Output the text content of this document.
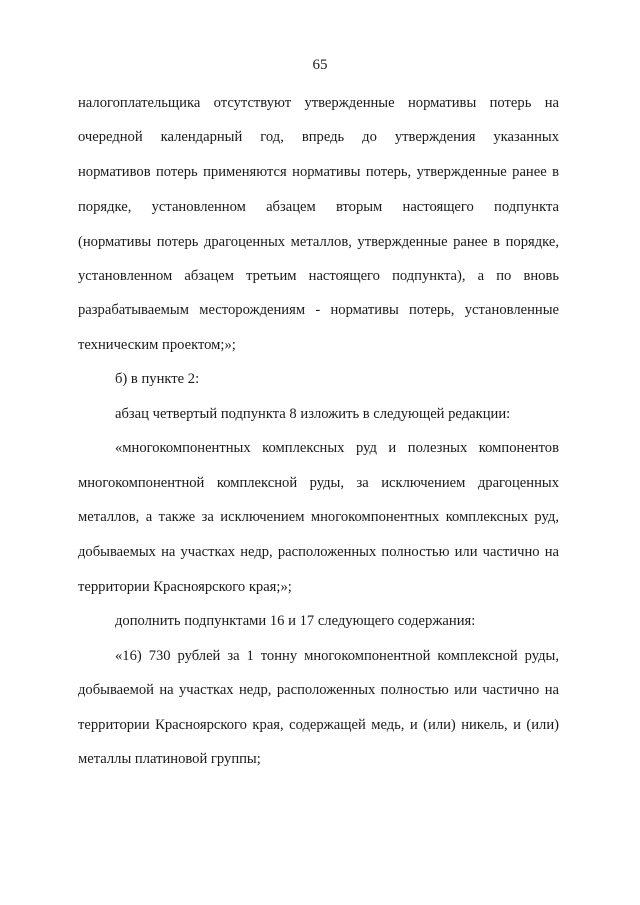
65
налогоплательщика отсутствуют утвержденные нормативы потерь на
очередной календарный год, впредь до утверждения указанных
нормативов потерь применяются нормативы потерь, утвержденные ранее в
порядке, установленном абзацем вторым настоящего подпункта
(нормативы потерь драгоценных металлов, утвержденные ранее в порядке,
установленном абзацем третьим настоящего подпункта), а по вновь
разрабатываемым месторождениям - нормативы потерь, установленные
техническим проектом;»;
б) в пункте 2:
абзац четвертый подпункта 8 изложить в следующей редакции:
«многокомпонентных комплексных руд и полезных компонентов
многокомпонентной комплексной руды, за исключением драгоценных
металлов, а также за исключением многокомпонентных комплексных руд,
добываемых на участках недр, расположенных полностью или частично на
территории Красноярского края;»;
дополнить подпунктами 16 и 17 следующего содержания:
«16) 730 рублей за 1 тонну многокомпонентной комплексной руды,
добываемой на участках недр, расположенных полностью или частично на
территории Красноярского края, содержащей медь, и (или) никель, и (или)
металлы платиновой группы;
